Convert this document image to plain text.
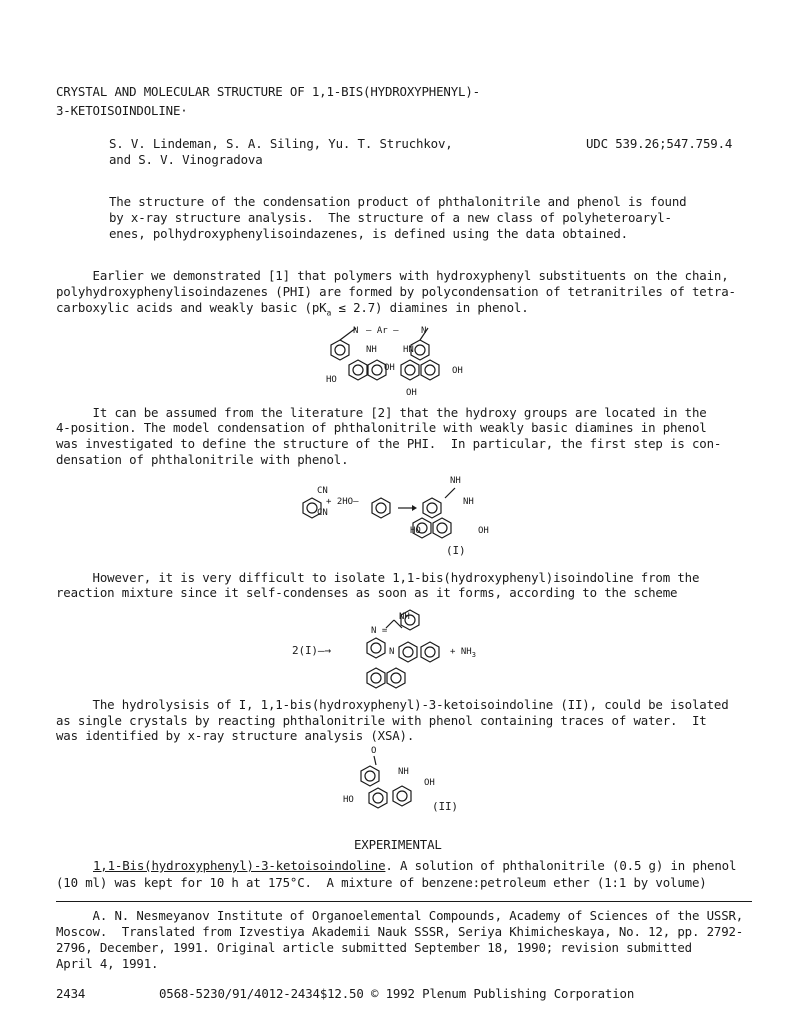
CRYSTAL AND MOLECULAR STRUCTURE OF 1,1-BIS(HYDROXYPHENYL)-
3-KETOISOINDOLINE·
S. V. Lindeman, S. A. Siling, Yu. T. Struchkov,
and S. V. Vinogradova
UDC 539.26;547.759.4
The structure of the condensation product of phthalonitrile and phenol is found
by x-ray structure analysis.  The structure of a new class of polyheteroaryl-
enes, polhydroxyphenylisoindazenes, is defined using the data obtained.
Earlier we demonstrated [1] that polymers with hydroxyphenyl substituents on the chain,
polyhydroxyphenylisoindazenes (PHI) are formed by polycondensation of tetranitriles of tetra-
carboxylic acids and weakly basic $(pK_a \le 2.7)$ diamines in phenol.
N — Ar — N
NH	HN
HO
OH	OH
OH
It can be assumed from the literature [2] that the hydroxy groups are located in the
4-position. The model condensation of phthalonitrile with weakly basic diamines in phenol
was investigated to define the structure of the PHI.  In particular, the first step is con-
densation of phthalonitrile with phenol.
NH
CN
+ 2HO—
CN
NH
HO	OH
(I)
However, it is very difficult to isolate 1,1-bis(hydroxyphenyl)isoindoline from the
reaction mixture since it self-condenses as soon as it forms, according to the scheme
NH
N =
2(I)—→	N	+ $NH_3$
The hydrolysisis of I, 1,1-bis(hydroxyphenyl)-3-ketoisoindoline (II), could be isolated
as single crystals by reacting phthalonitrile with phenol containing traces of water.  It
was identified by x-ray structure analysis (XSA).
O
NH
OH
HO	(II)
EXPERIMENTAL
1,1-Bis(hydroxyphenyl)-3-ketoisoindoline. A solution of phthalonitrile (0.5 g) in phenol
(10 ml) was kept for 10 h at 175°C.  A mixture of benzene:petroleum ether (1:1 by volume)
A. N. Nesmeyanov Institute of Organoelemental Compounds, Academy of Sciences of the USSR,
Moscow.  Translated from Izvestiya Akademii Nauk SSSR, Seriya Khimicheskaya, No. 12, pp. 2792-
2796, December, 1991. Original article submitted September 18, 1990; revision submitted
April 4, 1991.
2434	0568-5230/91/4012-2434$12.50 © 1992 Plenum Publishing Corporation
